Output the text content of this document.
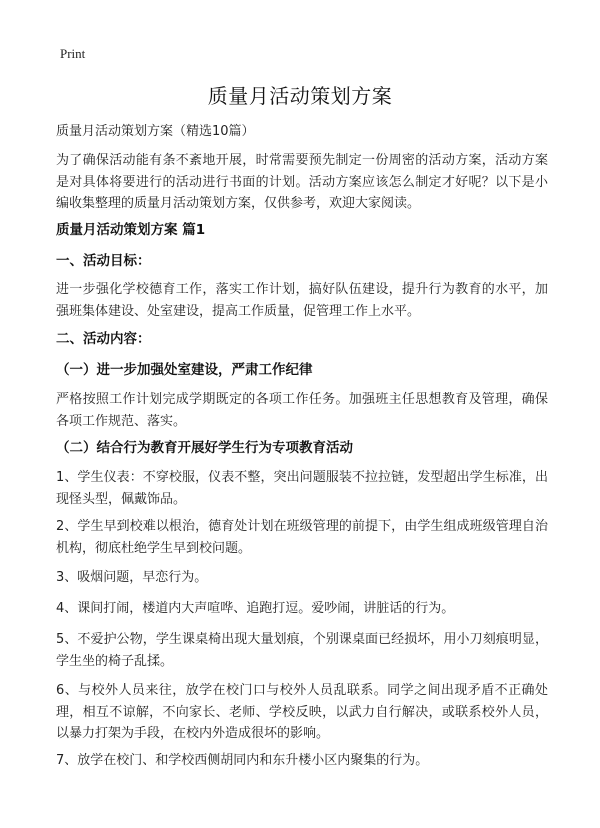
Print
质量月活动策划方案

质量月活动策划方案（精选10篇）

为了确保活动能有条不紊地开展，时常需要预先制定一份周密的活动方案，活动方案是对具体将要进行的活动进行书面的计划。活动方案应该怎么制定才好呢？以下是小编收集整理的质量月活动策划方案，仅供参考，欢迎大家阅读。

质量月活动策划方案 篇1

一、活动目标：

进一步强化学校德育工作，落实工作计划，搞好队伍建设，提升行为教育的水平，加强班集体建设、处室建设，提高工作质量，促管理工作上水平。

二、活动内容：

（一）进一步加强处室建设，严肃工作纪律

严格按照工作计划完成学期既定的各项工作任务。加强班主任思想教育及管理，确保各项工作规范、落实。

（二）结合行为教育开展好学生行为专项教育活动

1、学生仪表：不穿校服，仪表不整，突出问题服装不拉拉链，发型超出学生标准，出现怪头型，佩戴饰品。

2、学生早到校难以根治，德育处计划在班级管理的前提下，由学生组成班级管理自治机构，彻底杜绝学生早到校问题。

3、吸烟问题，早恋行为。

4、课间打闹，楼道内大声喧哗、追跑打逗。爱吵闹，讲脏话的行为。

5、不爱护公物，学生课桌椅出现大量划痕，个别课桌面已经损坏，用小刀刻痕明显，学生坐的椅子乱揉。

6、与校外人员来往，放学在校门口与校外人员乱联系。同学之间出现矛盾不正确处理，相互不谅解，不向家长、老师、学校反映，以武力自行解决，或联系校外人员，以暴力打架为手段，在校内外造成很坏的影响。

7、放学在校门、和学校西侧胡同内和东升楼小区内聚集的行为。
